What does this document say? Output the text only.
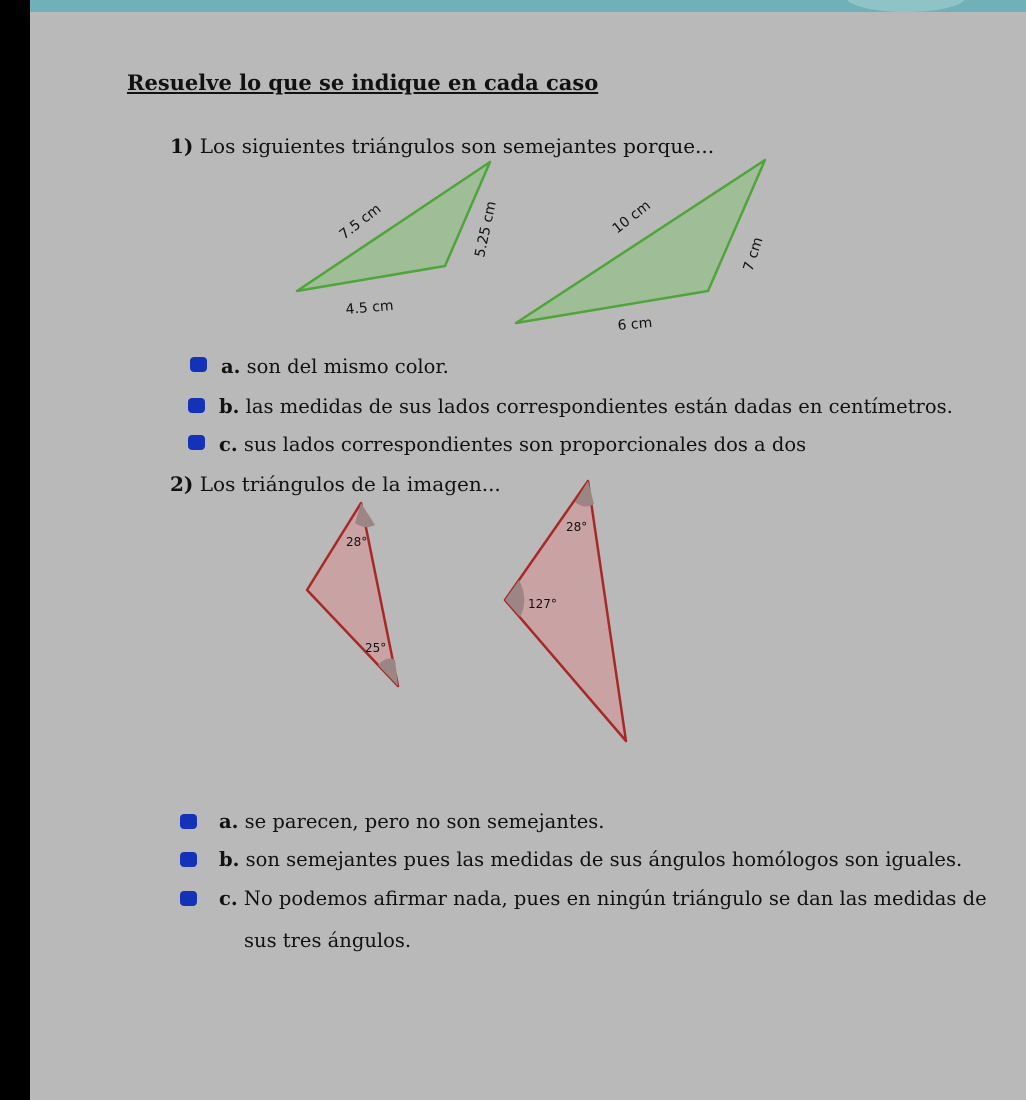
Resuelve lo que se indique en cada caso
1) Los siguientes triángulos son semejantes porque...
7.5 cm	5.25 cm
4.5 cm
10 cm
7 cm
6 cm
28°
25°
28°
127°
a. son del mismo color.
b. las medidas de sus lados correspondientes están dadas en centímetros.
c. sus lados correspondientes son proporcionales dos a dos
2) Los triángulos de la imagen...
a. se parecen, pero no son semejantes.
b. son semejantes pues las medidas de sus ángulos homólogos son iguales.
c. No podemos afirmar nada, pues en ningún triángulo se dan las medidas de
sus tres ángulos.
